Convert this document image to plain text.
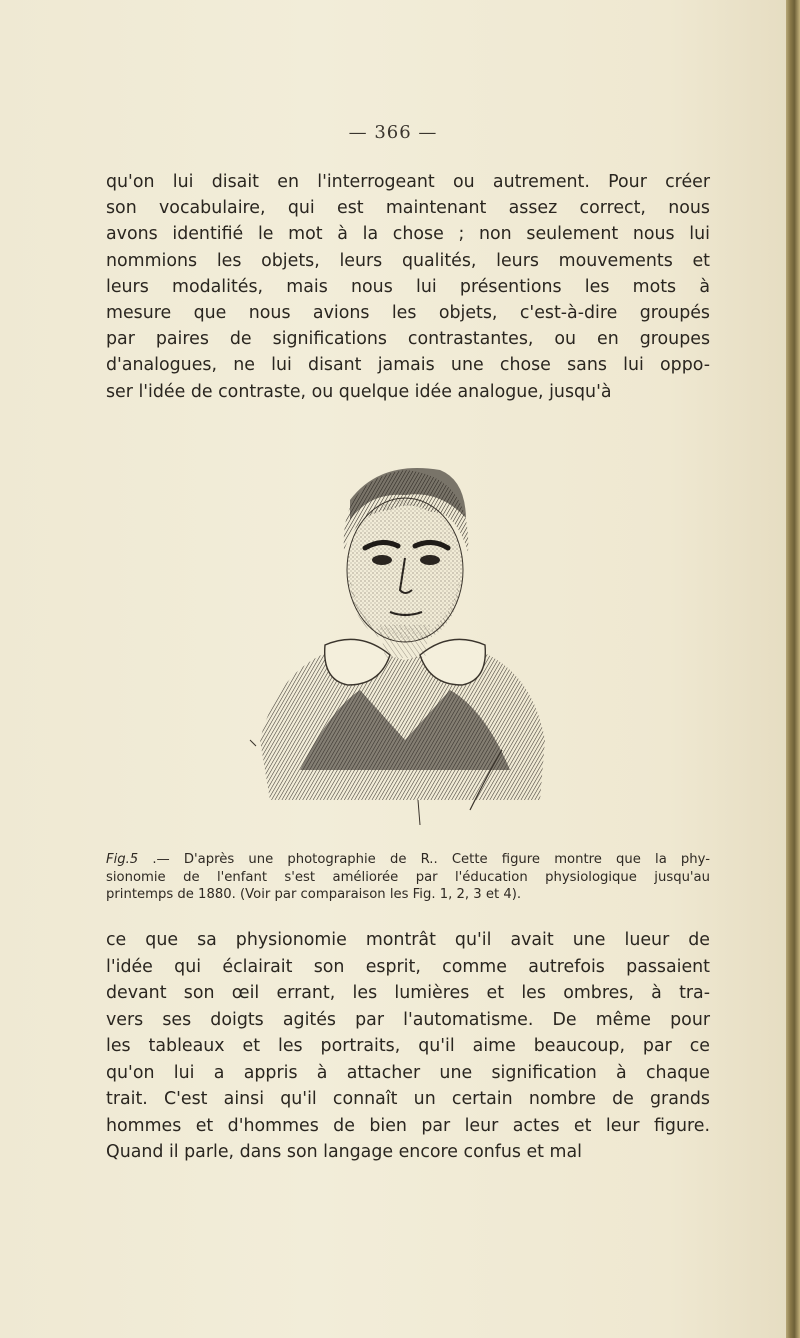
— 366 —
qu'on lui disait en l'interrogeant ou autrement. Pour créer
son vocabulaire, qui est maintenant assez correct, nous
avons identifié le mot à la chose ; non seulement nous lui
nommions les objets, leurs qualités, leurs mouvements et
leurs modalités, mais nous lui présentions les mots à
mesure que nous avions les objets, c'est-à-dire groupés
par paires de significations contrastantes, ou en groupes
d'analogues, ne lui disant jamais une chose sans lui oppo-
ser l'idée de contraste, ou quelque idée analogue, jusqu'à
Fig.5 .— D'après une photographie de R.. Cette figure montre que la phy-
sionomie de l'enfant s'est améliorée par l'éducation physiologique jusqu'au
printemps de 1880. (Voir par comparaison les Fig. 1, 2, 3 et 4).
ce que sa physionomie montrât qu'il avait une lueur de
l'idée qui éclairait son esprit, comme autrefois passaient
devant son œil errant, les lumières et les ombres, à tra-
vers ses doigts agités par l'automatisme. De même pour
les tableaux et les portraits, qu'il aime beaucoup, par ce
qu'on lui a appris à attacher une signification à chaque
trait. C'est ainsi qu'il connaît un certain nombre de grands
hommes et d'hommes de bien par leur actes et leur figure.
Quand il parle, dans son langage encore confus et mal
